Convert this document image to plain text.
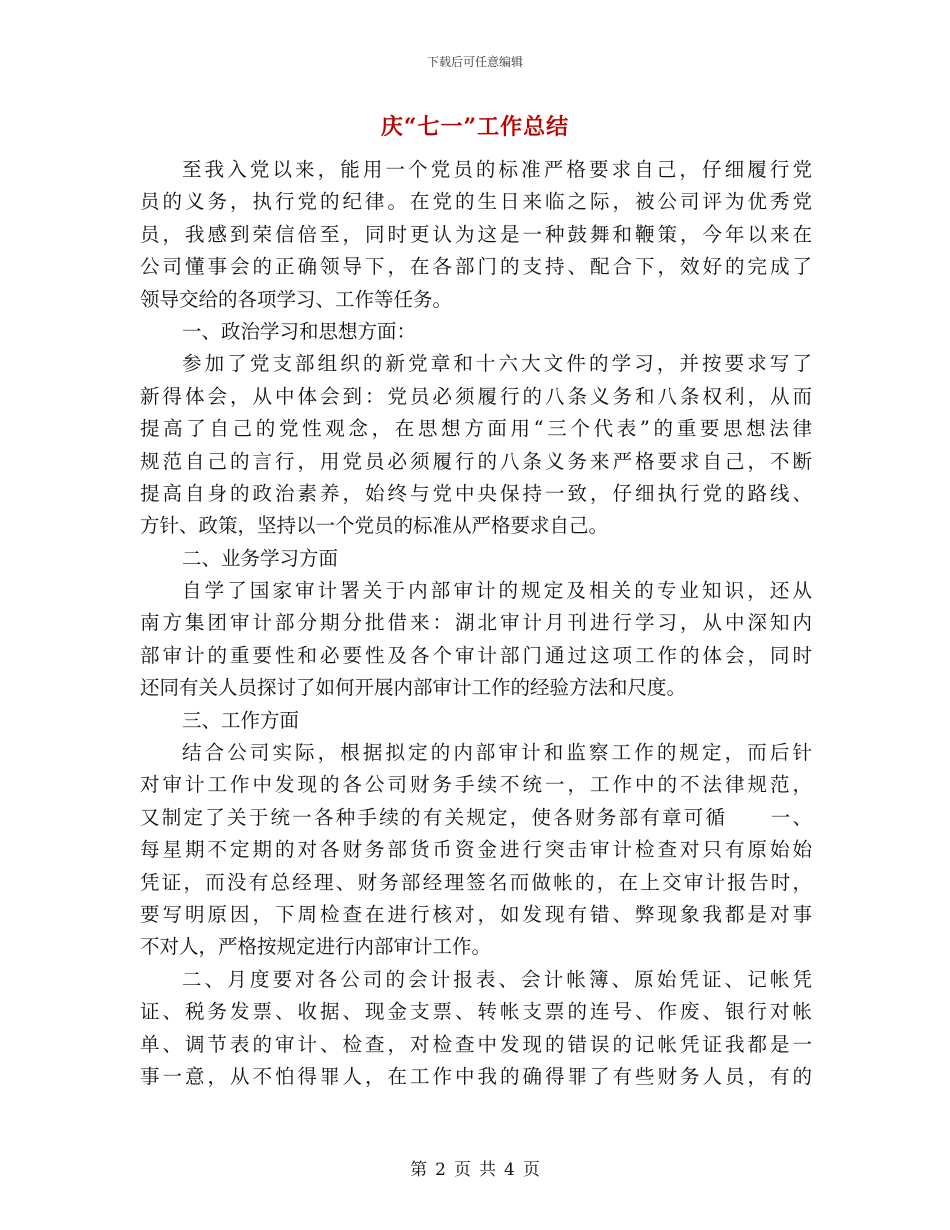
下载后可任意编辑
庆“七一”工作总结
至我入党以来，能用一个党员的标准严格要求自己，仔细履行党
员的义务，执行党的纪律。在党的生日来临之际，被公司评为优秀党
员，我感到荣信倍至，同时更认为这是一种鼓舞和鞭策，今年以来在
公司懂事会的正确领导下，在各部门的支持、配合下，效好的完成了
领导交给的各项学习、工作等任务。
一、政治学习和思想方面：
参加了党支部组织的新党章和十六大文件的学习，并按要求写了
新得体会，从中体会到：党员必须履行的八条义务和八条权利，从而
提高了自己的党性观念，在思想方面用“三个代表”的重要思想法律
规范自己的言行，用党员必须履行的八条义务来严格要求自己，不断
提高自身的政治素养，始终与党中央保持一致，仔细执行党的路线、
方针、政策，坚持以一个党员的标准从严格要求自己。
二、业务学习方面
自学了国家审计署关于内部审计的规定及相关的专业知识，还从
南方集团审计部分期分批借来：湖北审计月刊进行学习，从中深知内
部审计的重要性和必要性及各个审计部门通过这项工作的体会，同时
还同有关人员探讨了如何开展内部审计工作的经验方法和尺度。
三、工作方面
结合公司实际，根据拟定的内部审计和监察工作的规定，而后针
对审计工作中发现的各公司财务手续不统一，工作中的不法律规范，
又制定了关于统一各种手续的有关规定，使各财务部有章可循　　一、
每星期不定期的对各财务部货币资金进行突击审计检查对只有原始始
凭证，而没有总经理、财务部经理签名而做帐的，在上交审计报告时，
要写明原因，下周检查在进行核对，如发现有错、弊现象我都是对事
不对人，严格按规定进行内部审计工作。
二、月度要对各公司的会计报表、会计帐簿、原始凭证、记帐凭
证、税务发票、收据、现金支票、转帐支票的连号、作废、银行对帐
单、调节表的审计、检查，对检查中发现的错误的记帐凭证我都是一
事一意，从不怕得罪人，在工作中我的确得罪了有些财务人员，有的
第 2 页 共 4 页
